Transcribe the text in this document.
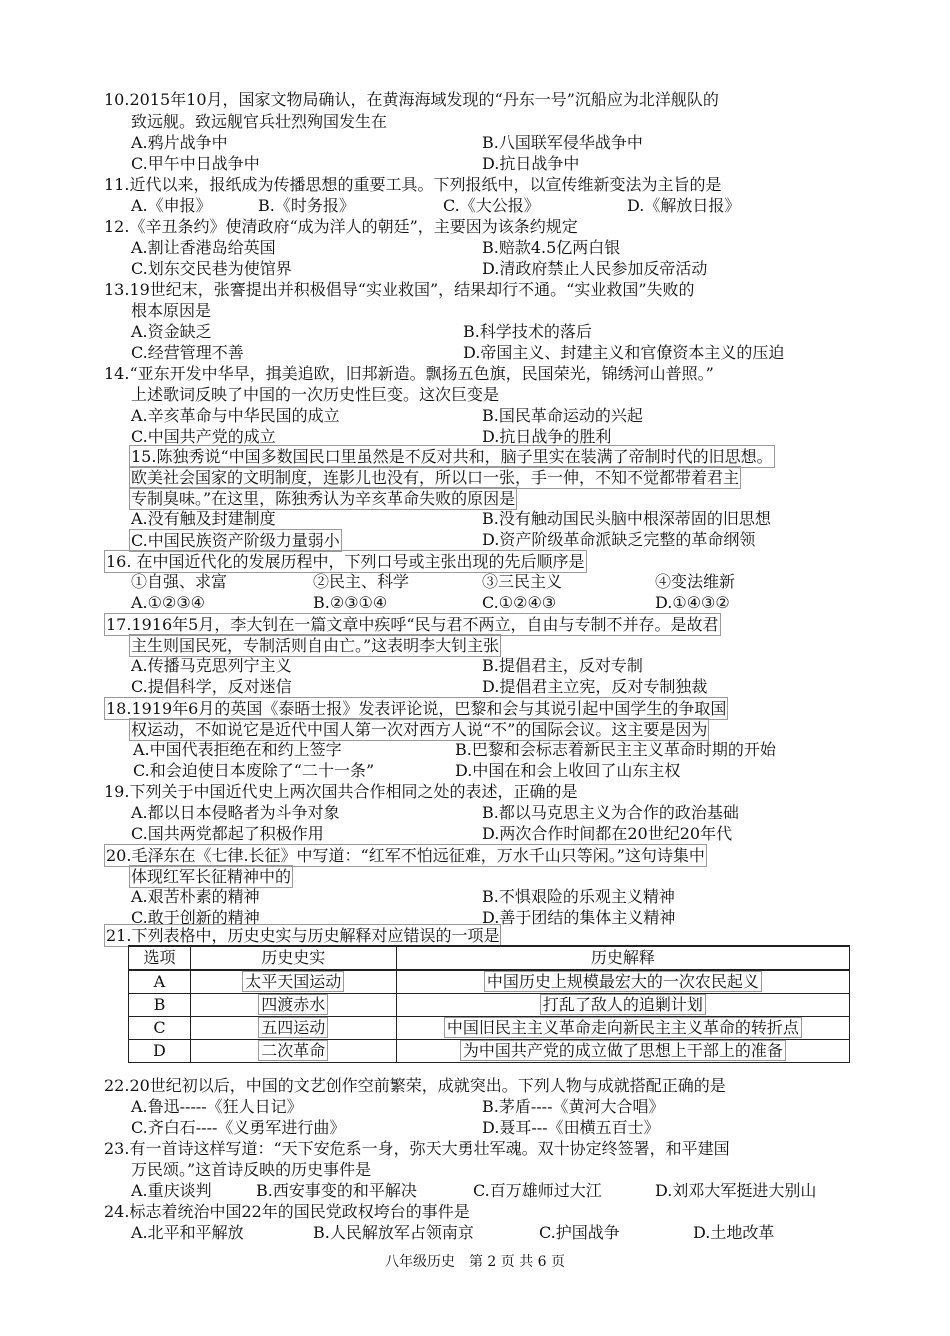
10.2015年10月，国家文物局确认，在黄海海域发现的“丹东一号”沉船应为北洋舰队的
致远舰。致远舰官兵壮烈殉国发生在
A.鸦片战争中	B.八国联军侵华战争中
C.甲午中日战争中	D.抗日战争中
11.近代以来，报纸成为传播思想的重要工具。下列报纸中，以宣传维新变法为主旨的是
A.《申报》	B.《时务报》	C.《大公报》	D.《解放日报》
12.《辛丑条约》使清政府“成为洋人的朝廷”，主要因为该条约规定
A.割让香港岛给英国	B.赔款4.5亿两白银
C.划东交民巷为使馆界	D.清政府禁止人民参加反帝活动
13.19世纪末，张謇提出并积极倡导“实业救国”，结果却行不通。“实业救国”失败的
根本原因是
A.资金缺乏	B.科学技术的落后
C.经营管理不善	D.帝国主义、封建主义和官僚资本主义的压迫
14.“亚东开发中华早，揖美追欧，旧邦新造。飘扬五色旗，民国荣光，锦绣河山普照。”
上述歌词反映了中国的一次历史性巨变。这次巨变是
A.辛亥革命与中华民国的成立	B.国民革命运动的兴起
C.中国共产党的成立	D.抗日战争的胜利
15.陈独秀说“中国多数国民口里虽然是不反对共和，脑子里实在装满了帝制时代的旧思想。
欧美社会国家的文明制度，连影儿也没有，所以口一张，手一伸，不知不觉都带着君主
专制臭味。”在这里，陈独秀认为辛亥革命失败的原因是
A.没有触及封建制度	B.没有触动国民头脑中根深蒂固的旧思想
C.中国民族资产阶级力量弱小	D.资产阶级革命派缺乏完整的革命纲领
16. 在中国近代化的发展历程中，下列口号或主张出现的先后顺序是
①自强、求富	②民主、科学	③三民主义	④变法维新
A.①②③④	B.②③①④	C.①②④③	D.①④③②
17.1916年5月，李大钊在一篇文章中疾呼“民与君不两立，自由与专制不并存。是故君
主生则国民死，专制活则自由亡。”这表明李大钊主张
A.传播马克思列宁主义	B.提倡君主，反对专制
C.提倡科学，反对迷信	D.提倡君主立宪，反对专制独裁
18.1919年6月的英国《泰晤士报》发表评论说，巴黎和会与其说引起中国学生的争取国
权运动，不如说它是近代中国人第一次对西方人说“不”的国际会议。这主要是因为
A.中国代表拒绝在和约上签字	B.巴黎和会标志着新民主主义革命时期的开始
C.和会迫使日本废除了“二十一条”	D.中国在和会上收回了山东主权
19.下列关于中国近代史上两次国共合作相同之处的表述，正确的是
A.都以日本侵略者为斗争对象	B.都以马克思主义为合作的政治基础
C.国共两党都起了积极作用	D.两次合作时间都在20世纪20年代
20.毛泽东在《七律.长征》中写道：“红军不怕远征难，万水千山只等闲。”这句诗集中
体现红军长征精神中的
A.艰苦朴素的精神	B.不惧艰险的乐观主义精神
C.敢于创新的精神	D.善于团结的集体主义精神
21.下列表格中，历史史实与历史解释对应错误的一项是
22.20世纪初以后，中国的文艺创作空前繁荣，成就突出。下列人物与成就搭配正确的是
A.鲁迅-----《狂人日记》	B.茅盾----《黄河大合唱》
C.齐白石----《义勇军进行曲》	D.聂耳---《田横五百士》
23.有一首诗这样写道：“天下安危系一身，弥天大勇壮军魂。双十协定终签署，和平建国
万民颂。”这首诗反映的历史事件是
A.重庆谈判	B.西安事变的和平解决	C.百万雄师过大江	D.刘邓大军挺进大别山
24.标志着统治中国22年的国民党政权垮台的事件是
A.北平和平解放	B.人民解放军占领南京	C.护国战争	D.土地改革
选项	历史史实	历史解释
A	太平天国运动	中国历史上规模最宏大的一次农民起义
B	四渡赤水	打乱了敌人的追剿计划
C	五四运动	中国旧民主主义革命走向新民主主义革命的转折点
D	二次革命	为中国共产党的成立做了思想上干部上的准备
八年级历史　第 2 页 共 6 页
